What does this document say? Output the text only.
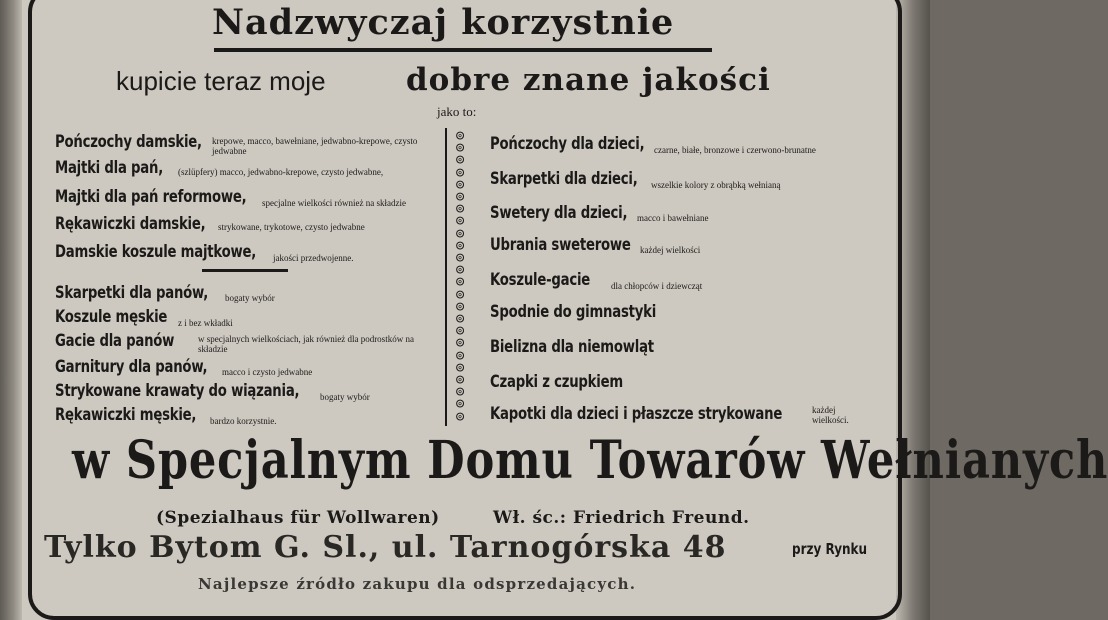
Nadzwyczaj korzystnie
kupicie teraz moje	dobre znane jakości
jako to:
Pończochy damskie, krepowe, macco, bawełniane, jedwabno-krepowe, czysto jedwabne
Majtki dla pań, (szlüpfery) macco, jedwabno-krepowe, czysto jedwabne,
Majtki dla pań reformowe, specjalne wielkości również na składzie
Rękawiczki damskie, strykowane, trykotowe, czysto jedwabne
Damskie koszule majtkowe, jakości przedwojenne.
Skarpetki dla panów, bogaty wybór
Koszule męskie z i bez wkładki
Gacie dla panów	w specjalnych wielkościach, jak również dla podrostków na składzie
Garnitury dla panów, macco i czysto jedwabne
Strykowane krawaty do wiązania, bogaty wybór
Rękawiczki męskie, bardzo korzystnie.
◎
◎
◎
◎
◎
◎
◎
◎
◎
◎
◎
◎
◎
◎
◎
◎
◎
◎
◎
◎
◎
◎
◎
◎
Pończochy dla dzieci, czarne, białe, bronzowe i czerwono-brunatne
Skarpetki dla dzieci, wszelkie kolory z obrąbką wełnianą
Swetery dla dzieci, macco i bawełniane
Ubrania sweterowe każdej wielkości
Koszule-gacie dla chłopców i dziewcząt
Spodnie do gimnastyki
Bielizna dla niemowląt
Czapki z czupkiem
Kapotki dla dzieci i płaszcze strykowane	każdej wielkości.
w Specjalnym Domu Towarów Wełnianych
(Spezialhaus für Wollwaren)	Wł. śc.: Friedrich Freund.
Tylko Bytom G. Sl., ul. Tarnogórska 48	przy Rynku
Najlepsze źródło zakupu dla odsprzedających.
